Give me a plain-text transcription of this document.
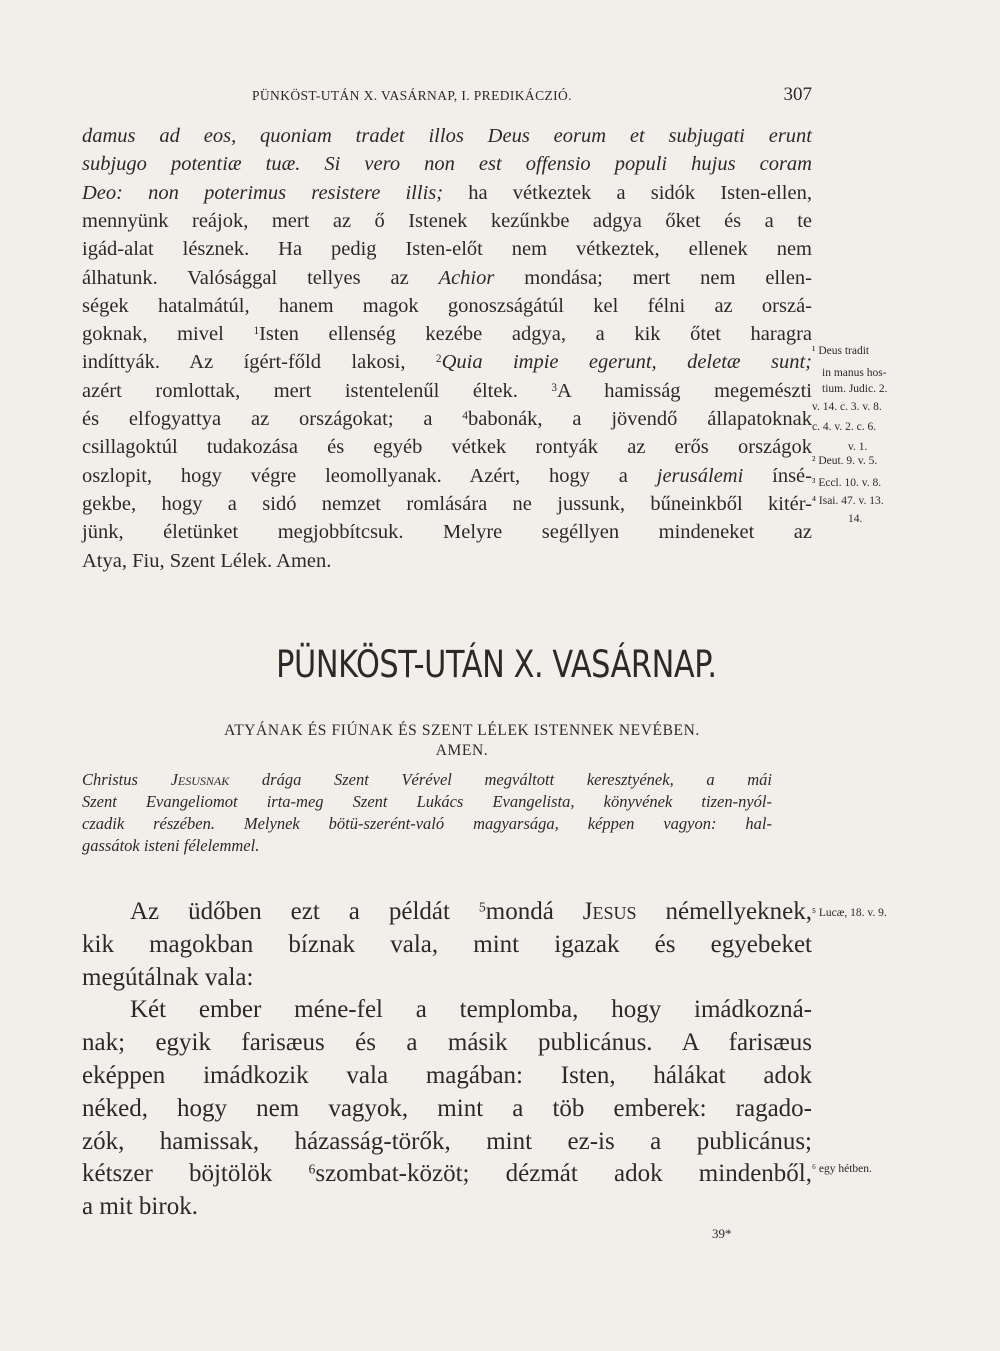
PÜNKÖST-UTÁN X. VASÁRNAP, I. PREDIKÁCZIÓ.	307
damus ad eos, quoniam tradet illos Deus eorum et subjugati erunt
subjugo potentiæ tuæ. Si vero non est offensio populi hujus coram
Deo: non poterimus resistere illis; ha vétkeztek a sidók Isten-ellen,
mennyünk reájok, mert az ő Istenek kezűnkbe adgya őket és a te
igád-alat lésznek. Ha pedig Isten-előt nem vétkeztek, ellenek nem
álhatunk. Valósággal tellyes az Achior mondása; mert nem ellen-
ségek hatalmátúl, hanem magok gonoszságátúl kel félni az orszá-
goknak, mivel $^1$Isten ellenség kezébe adgya, a kik őtet haragra
indíttyák. Az ígért-főld lakosi, $^2$Quia impie egerunt, deletæ sunt;
azért romlottak, mert istentelenűl éltek. $^3$A hamisság megemészti
és elfogyattya az országokat; a $^4$babonák, a jövendő állapatoknak
csillagoktúl tudakozása és egyéb vétkek rontyák az erős országok
oszlopit, hogy végre leomollyanak. Azért, hogy a jerusálemi ínsé-
gekbe, hogy a sidó nemzet romlására ne jussunk, bűneinkből kitér-
jünk, életünket megjobbítcsuk. Melyre segéllyen mindeneket az
Atya, Fiu, Szent Lélek. Amen.
¹ Deus tradit
in manus hos-
tium. Judic. 2.
v. 14. c. 3. v. 8.
c. 4. v. 2. c. 6.
v. 1.
² Deut. 9. v. 5.
³ Eccl. 10. v. 8.
⁴ Isai. 47. v. 13.
14.
PÜNKÖST-UTÁN X. VASÁRNAP.
ATYÁNAK ÉS FIÚNAK ÉS SZENT LÉLEK ISTENNEK NEVÉBEN.
AMEN.
Christus Jesusnak drága Szent Vérével megváltott keresztyének, a mái
Szent Evangeliomot irta-meg Szent Lukács Evangelista, könyvének tizen-nyól-
czadik részében. Melynek bötü-szerént-való magyarsága, képpen vagyon: hal-
gassátok isteni félelemmel.
Az üdőben ezt a példát $^5$mondá Jesus némellyeknek,
kik magokban bíznak vala, mint igazak és egyebeket
megútálnak vala:
Két ember méne-fel a templomba, hogy imádkozná-
nak; egyik farisæus és a másik publicánus. A farisæus
eképpen imádkozik vala magában: Isten, hálákat adok
néked, hogy nem vagyok, mint a töb emberek: ragado-
zók, hamissak, házasság-törők, mint ez-is a publicánus;
kétszer böjtölök $^6$szombat-közöt; dézmát adok mindenből,
a mit birok.
⁵ Lucæ, 18. v. 9.
⁶ egy hétben.
39*
